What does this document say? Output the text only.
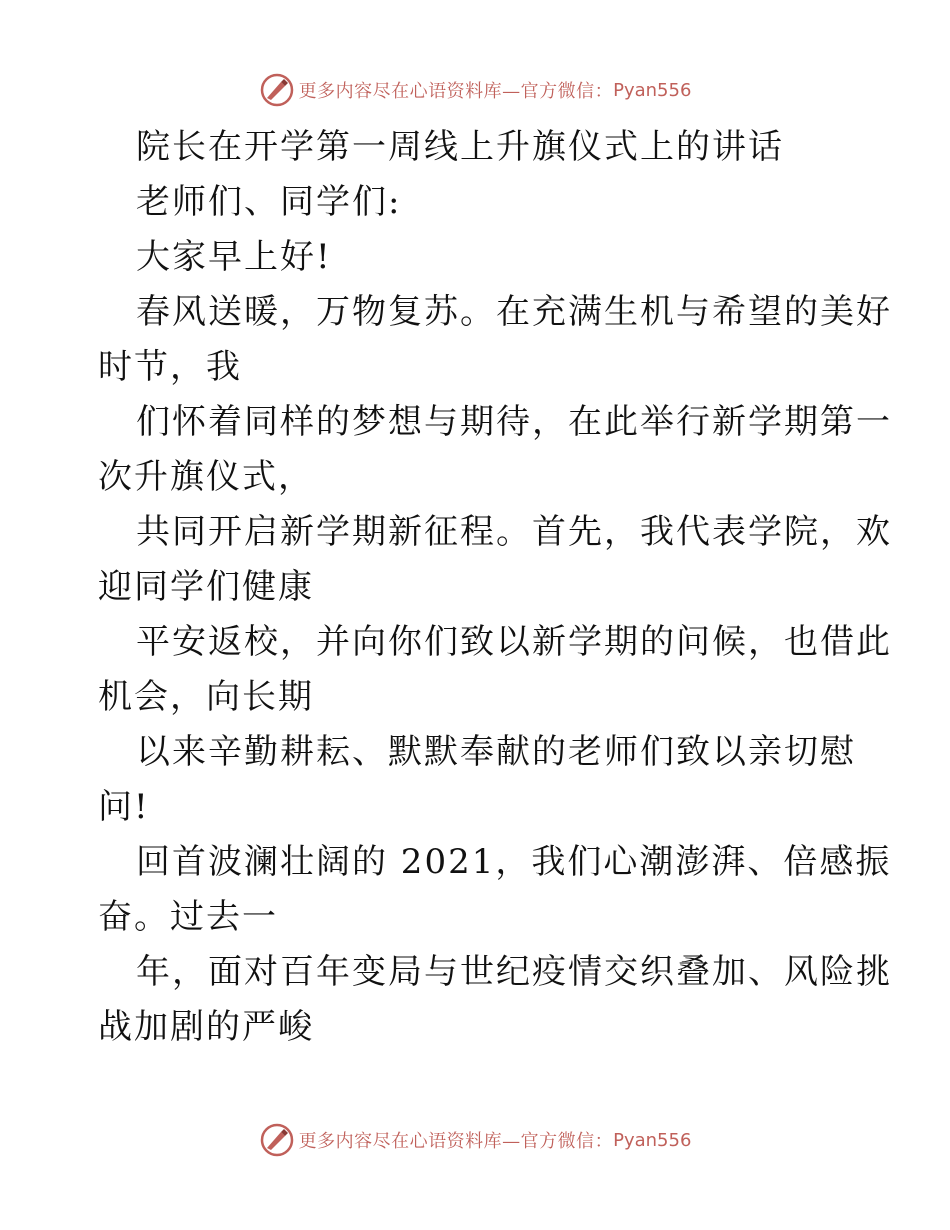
更多内容尽在心语资料库—官方微信： Pyan556
院长在开学第一周线上升旗仪式上的讲话
老师们、同学们:
大家早上好!
春风送暖，万物复苏。在充满生机与希望的美好
时节，我
们怀着同样的梦想与期待，在此举行新学期第一
次升旗仪式，
共同开启新学期新征程。首先，我代表学院，欢
迎同学们健康
平安返校，并向你们致以新学期的问候，也借此
机会，向长期
以来辛勤耕耘、默默奉献的老师们致以亲切慰
问!
回首波澜壮阔的 2021，我们心潮澎湃、倍感振
奋。过去一
年，面对百年变局与世纪疫情交织叠加、风险挑
战加剧的严峻
更多内容尽在心语资料库—官方微信： Pyan556
